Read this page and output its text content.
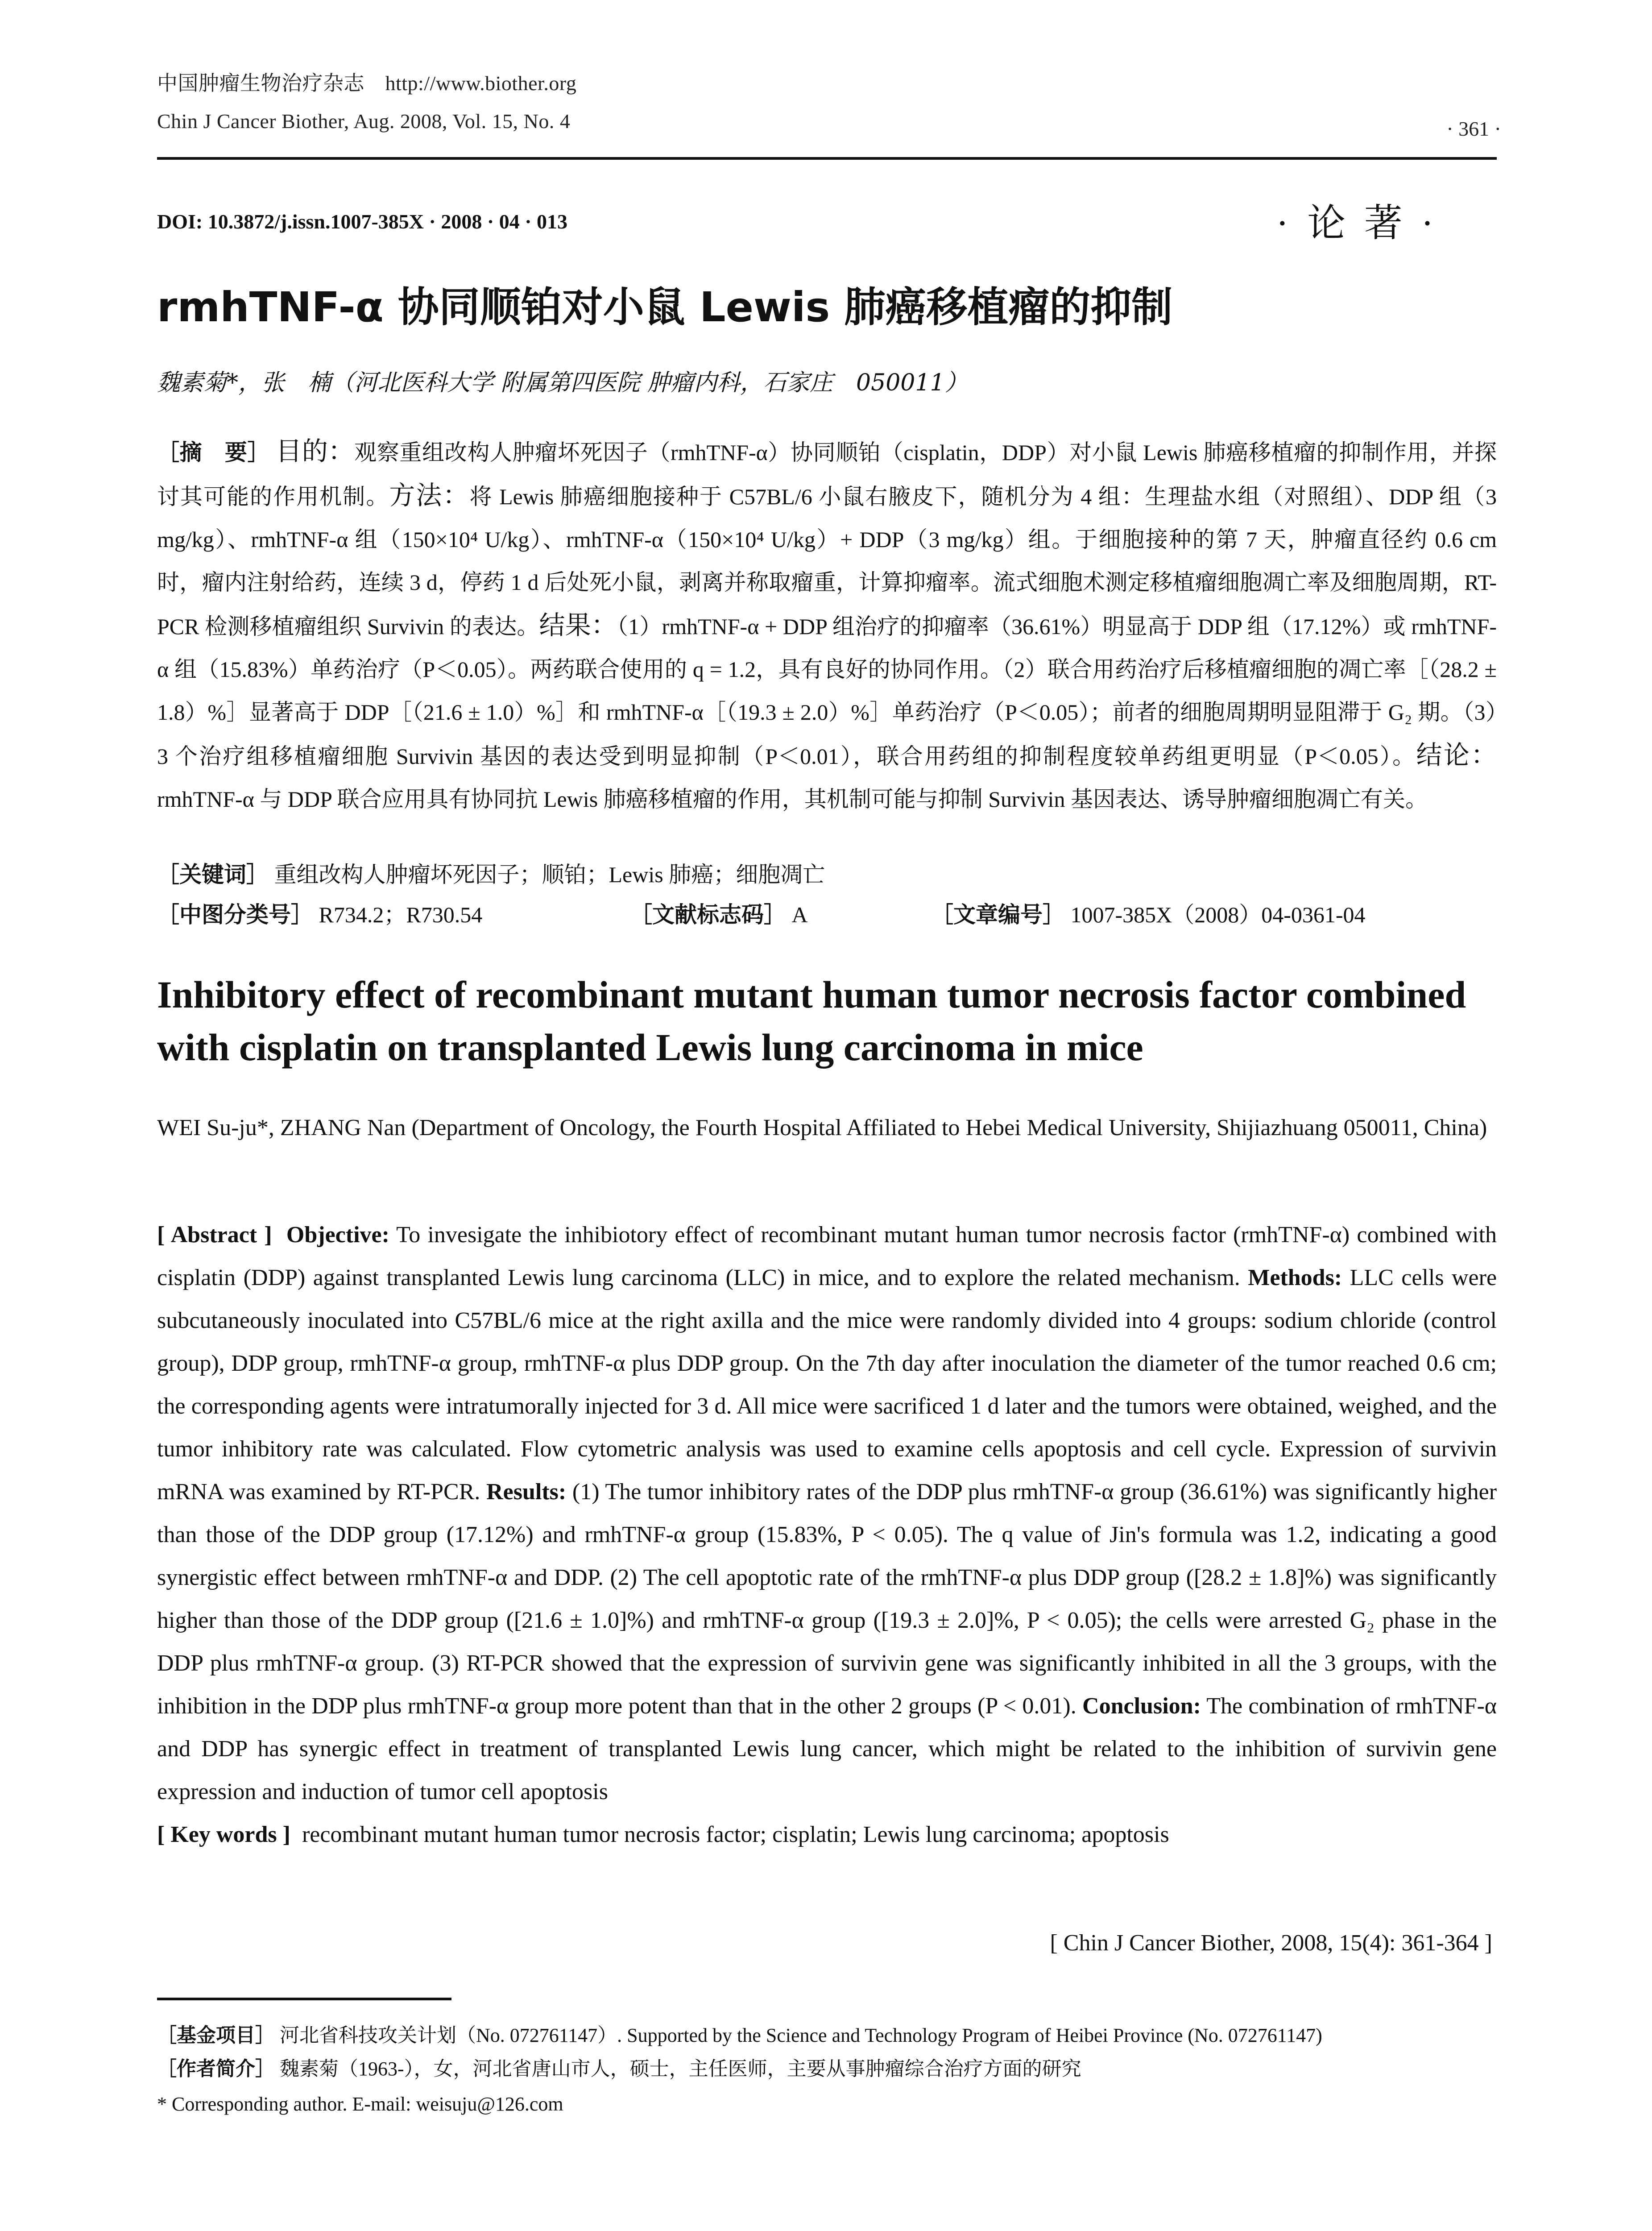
中国肿瘤生物治疗杂志　http://www.biother.org
Chin J Cancer Biother, Aug. 2008, Vol. 15, No. 4	· 361 ·
DOI: 10.3872/j.issn.1007-385X · 2008 · 04 · 013	· 论 著 ·
rmhTNF-α 协同顺铂对小鼠 Lewis 肺癌移植瘤的抑制
魏素菊*，张　楠（河北医科大学 附属第四医院 肿瘤内科，石家庄　050011）
［摘　要］ 目的：观察重组改构人肿瘤坏死因子（rmhTNF-α）协同顺铂（cisplatin，DDP）对小鼠 Lewis 肺癌移植瘤的抑制作用，并探讨其可能的作用机制。方法：将 Lewis 肺癌细胞接种于 C57BL/6 小鼠右腋皮下，随机分为 4 组：生理盐水组（对照组）、DDP 组（3 mg/kg）、rmhTNF-α 组（150×10⁴ U/kg）、rmhTNF-α（150×10⁴ U/kg）+ DDP（3 mg/kg）组。于细胞接种的第 7 天，肿瘤直径约 0.6 cm 时，瘤内注射给药，连续 3 d，停药 1 d 后处死小鼠，剥离并称取瘤重，计算抑瘤率。流式细胞术测定移植瘤细胞凋亡率及细胞周期，RT-PCR 检测移植瘤组织 Survivin 的表达。结果：（1）rmhTNF-α + DDP 组治疗的抑瘤率（36.61%）明显高于 DDP 组（17.12%）或 rmhTNF-α 组（15.83%）单药治疗（P＜0.05）。两药联合使用的 q = 1.2，具有良好的协同作用。（2）联合用药治疗后移植瘤细胞的凋亡率［（28.2 ± 1.8）%］显著高于 DDP［（21.6 ± 1.0）%］和 rmhTNF-α［（19.3 ± 2.0）%］单药治疗（P＜0.05）；前者的细胞周期明显阻滞于 G₂ 期。（3）3 个治疗组移植瘤细胞 Survivin 基因的表达受到明显抑制（P＜0.01），联合用药组的抑制程度较单药组更明显（P＜0.05）。结论：rmhTNF-α 与 DDP 联合应用具有协同抗 Lewis 肺癌移植瘤的作用，其机制可能与抑制 Survivin 基因表达、诱导肿瘤细胞凋亡有关。
［关键词］ 重组改构人肿瘤坏死因子；顺铂；Lewis 肺癌；细胞凋亡
［中图分类号］ R734.2；R730.54	［文献标志码］ A	［文章编号］ 1007-385X（2008）04-0361-04
Inhibitory effect of recombinant mutant human tumor necrosis factor combined with cisplatin on transplanted Lewis lung carcinoma in mice
WEI Su-ju*, ZHANG Nan (Department of Oncology, the Fourth Hospital Affiliated to Hebei Medical University, Shijiazhuang 050011, China)
[ Abstract ] Objective: To invesigate the inhibiotory effect of recombinant mutant human tumor necrosis factor (rmhTNF-α) combined with cisplatin (DDP) against transplanted Lewis lung carcinoma (LLC) in mice, and to explore the related mechanism. Methods: LLC cells were subcutaneously inoculated into C57BL/6 mice at the right axilla and the mice were randomly divided into 4 groups: sodium chloride (control group), DDP group, rmhTNF-α group, rmhTNF-α plus DDP group. On the 7th day after inoculation the diameter of the tumor reached 0.6 cm; the corresponding agents were intratumorally injected for 3 d. All mice were sacrificed 1 d later and the tumors were obtained, weighed, and the tumor inhibitory rate was calculated. Flow cytometric analysis was used to examine cells apoptosis and cell cycle. Expression of survivin mRNA was examined by RT-PCR. Results: (1) The tumor inhibitory rates of the DDP plus rmhTNF-α group (36.61%) was significantly higher than those of the DDP group (17.12%) and rmhTNF-α group (15.83%, P < 0.05). The q value of Jin's formula was 1.2, indicating a good synergistic effect between rmhTNF-α and DDP. (2) The cell apoptotic rate of the rmhTNF-α plus DDP group ([28.2 ± 1.8]%) was significantly higher than those of the DDP group ([21.6 ± 1.0]%) and rmhTNF-α group ([19.3 ± 2.0]%, P < 0.05); the cells were arrested G₂ phase in the DDP plus rmhTNF-α group. (3) RT-PCR showed that the expression of survivin gene was significantly inhibited in all the 3 groups, with the inhibition in the DDP plus rmhTNF-α group more potent than that in the other 2 groups (P < 0.01). Conclusion: The combination of rmhTNF-α and DDP has synergic effect in treatment of transplanted Lewis lung cancer, which might be related to the inhibition of survivin gene expression and induction of tumor cell apoptosis
[ Key words ] recombinant mutant human tumor necrosis factor; cisplatin; Lewis lung carcinoma; apoptosis
[ Chin J Cancer Biother, 2008, 15(4): 361-364 ]
［基金项目］ 河北省科技攻关计划（No. 072761147）. Supported by the Science and Technology Program of Heibei Province (No. 072761147)
［作者简介］ 魏素菊（1963-），女，河北省唐山市人，硕士，主任医师，主要从事肿瘤综合治疗方面的研究
* Corresponding author. E-mail: weisuju@126.com
